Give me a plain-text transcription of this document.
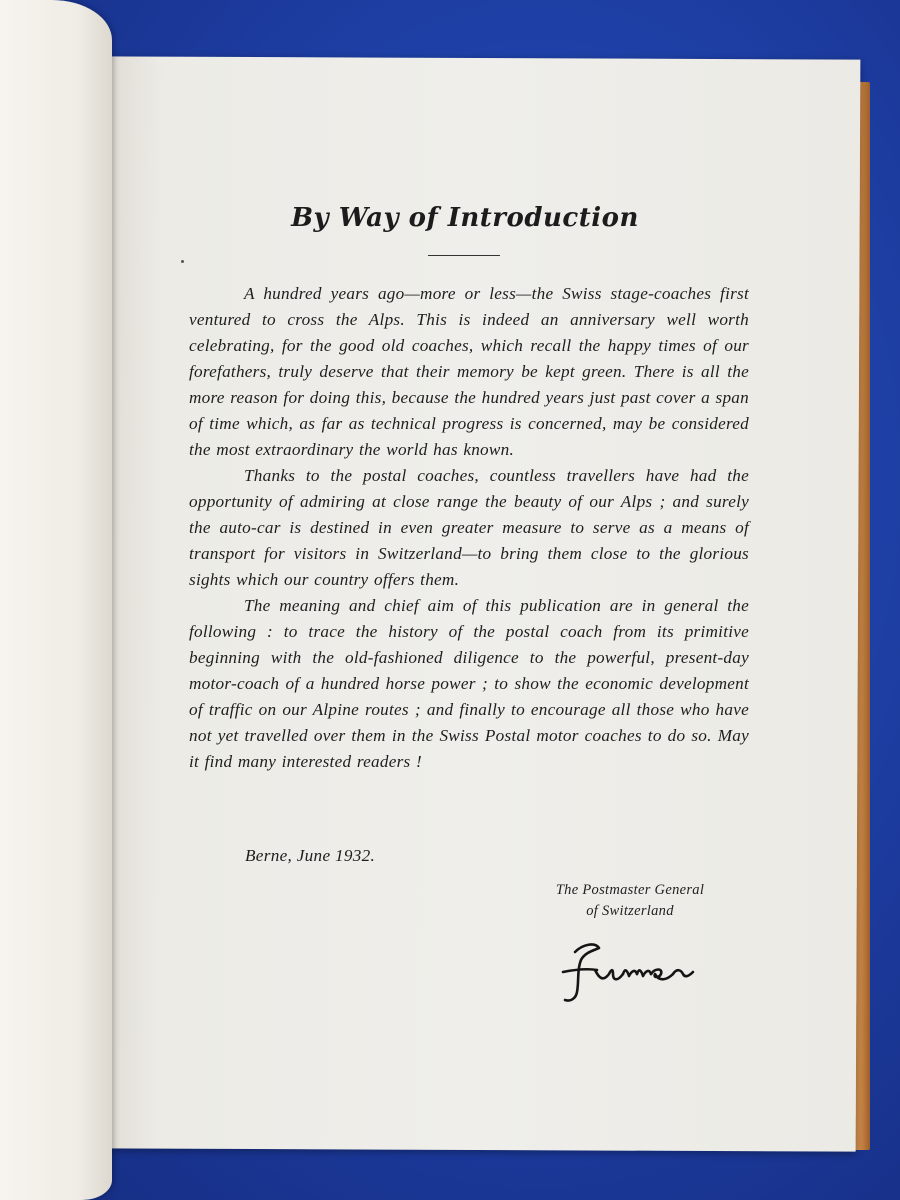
By Way of Introduction

A hundred years ago—more or less—the Swiss stage-coaches first ventured to cross the Alps. This is indeed an anniversary well worth celebrating, for the good old coaches, which recall the happy times of our forefathers, truly deserve that their memory be kept green. There is all the more reason for doing this, because the hundred years just past cover a span of time which, as far as technical progress is concerned, may be considered the most extraordinary the world has known.

Thanks to the postal coaches, countless travellers have had the opportunity of admiring at close range the beauty of our Alps ; and surely the auto-car is destined in even greater measure to serve as a means of transport for visitors in Switzerland—to bring them close to the glorious sights which our country offers them.

The meaning and chief aim of this publication are in general the following : to trace the history of the postal coach from its primitive beginning with the old-fashioned diligence to the powerful, present-day motor-coach of a hundred horse power ; to show the economic development of traffic on our Alpine routes ; and finally to encourage all those who have not yet travelled over them in the Swiss Postal motor coaches to do so. May it find many interested readers !

Berne, June 1932.
The Postmaster General
of Switzerland
